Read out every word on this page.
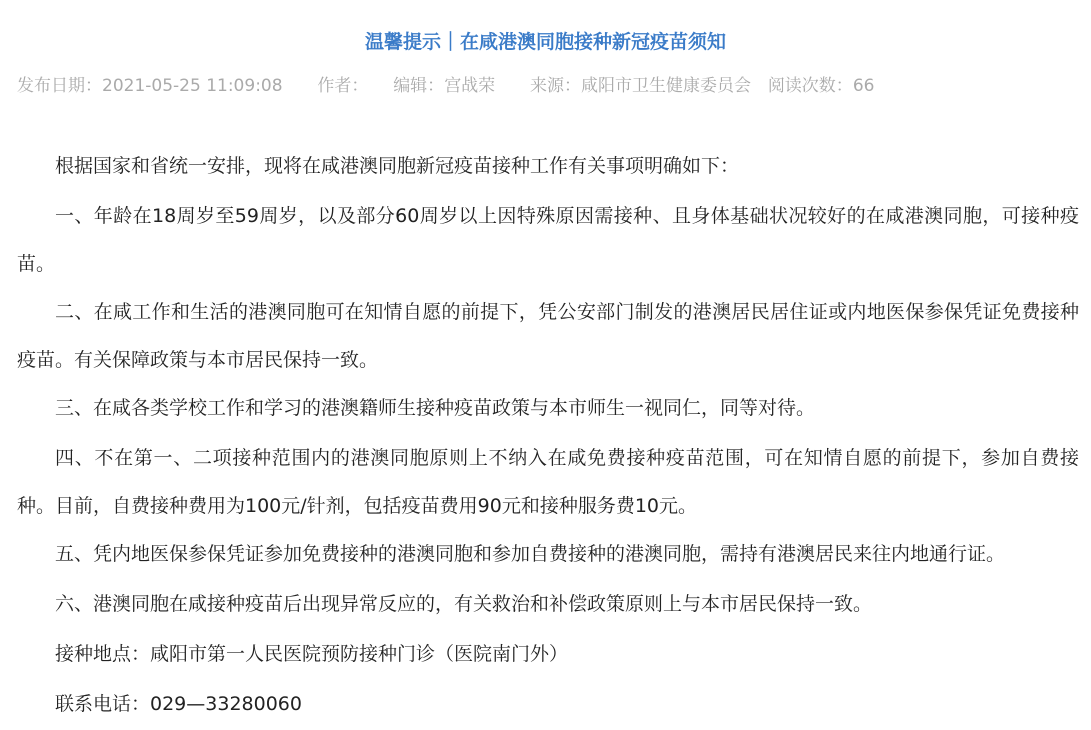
温馨提示｜在咸港澳同胞接种新冠疫苗须知
发布日期：2021-05-25 11:09:08 作者： 编辑：宫战荣 来源：咸阳市卫生健康委员会 阅读次数：66

根据国家和省统一安排，现将在咸港澳同胞新冠疫苗接种工作有关事项明确如下：

一、年龄在18周岁至59周岁，以及部分60周岁以上因特殊原因需接种、且身体基础状况较好的在咸港澳同胞，可接种疫苗。

二、在咸工作和生活的港澳同胞可在知情自愿的前提下，凭公安部门制发的港澳居民居住证或内地医保参保凭证免费接种疫苗。有关保障政策与本市居民保持一致。

三、在咸各类学校工作和学习的港澳籍师生接种疫苗政策与本市师生一视同仁，同等对待。

四、不在第一、二项接种范围内的港澳同胞原则上不纳入在咸免费接种疫苗范围，可在知情自愿的前提下，参加自费接种。目前，自费接种费用为100元/针剂，包括疫苗费用90元和接种服务费10元。

五、凭内地医保参保凭证参加免费接种的港澳同胞和参加自费接种的港澳同胞，需持有港澳居民来往内地通行证。

六、港澳同胞在咸接种疫苗后出现异常反应的，有关救治和补偿政策原则上与本市居民保持一致。

接种地点：咸阳市第一人民医院预防接种门诊（医院南门外）

联系电话：029—33280060
